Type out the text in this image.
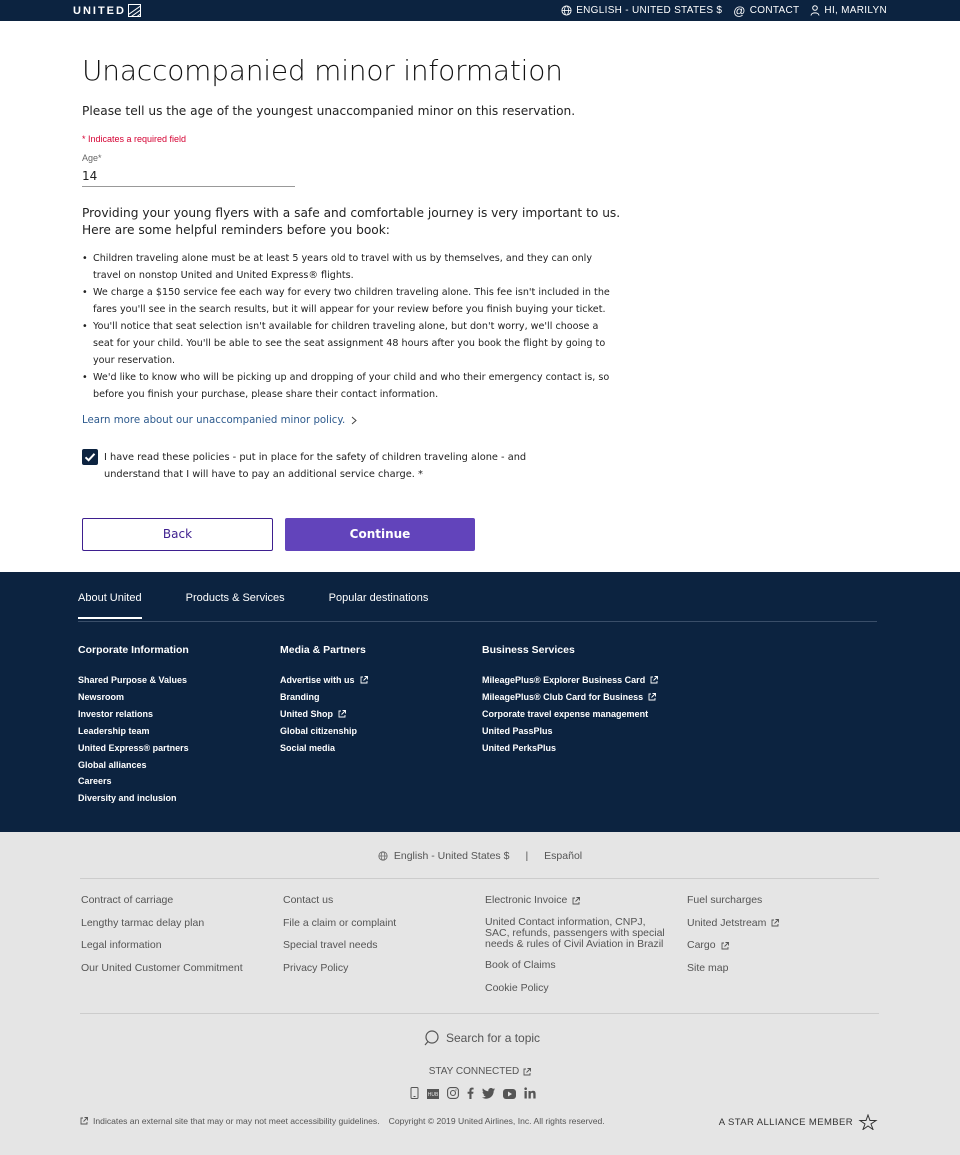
UNITED	ENGLISH - UNITED STATES $ @ CONTACT	HI, MARILYN
Unaccompanied minor information

Please tell us the age of the youngest unaccompanied minor on this reservation.

* Indicates a required field

Age*
14

Providing your young flyers with a safe and comfortable journey is very important to us. Here are some helpful reminders before you book:

• Children traveling alone must be at least 5 years old to travel with us by themselves, and they can only travel on nonstop United and United Express® flights.
• We charge a $150 service fee each way for every two children traveling alone. This fee isn't included in the fares you'll see in the search results, but it will appear for your review before you finish buying your ticket.
• You'll notice that seat selection isn't available for children traveling alone, but don't worry, we'll choose a seat for your child. You'll be able to see the seat assignment 48 hours after you book the flight by going to your reservation.
• We'd like to know who will be picking up and dropping of your child and who their emergency contact is, so before you finish your purchase, please share their contact information.
Learn more about our unaccompanied minor policy.

I have read these policies - put in place for the safety of children traveling alone - and understand that I will have to pay an additional service charge. *

Back	Continue
About United	Products & Services	Popular destinations
Corporate Information
Shared Purpose & Values
Newsroom
Investor relations
Leadership team
United Express® partners
Global alliances
Careers
Diversity and inclusion
Media & Partners
Advertise with us
Branding
United Shop
Global citizenship
Social media
Business Services
MileagePlus® Explorer Business Card
MileagePlus® Club Card for Business
Corporate travel expense management
United PassPlus
United PerksPlus
English - United States $ | Español
Contract of carriage
Lengthy tarmac delay plan
Legal information
Our United Customer Commitment
Contact us
File a claim or complaint
Special travel needs
Privacy Policy
Electronic Invoice
United Contact information, CNPJ, SAC, refunds, passengers with special needs & rules of Civil Aviation in Brazil
Book of Claims
Cookie Policy
Fuel surcharges
United Jetstream
Cargo
Site map
Search for a topic
STAY CONNECTED
HUB
Indicates an external site that may or may not meet accessibility guidelines. Copyright © 2019 United Airlines, Inc. All rights reserved.	A STAR ALLIANCE MEMBER
